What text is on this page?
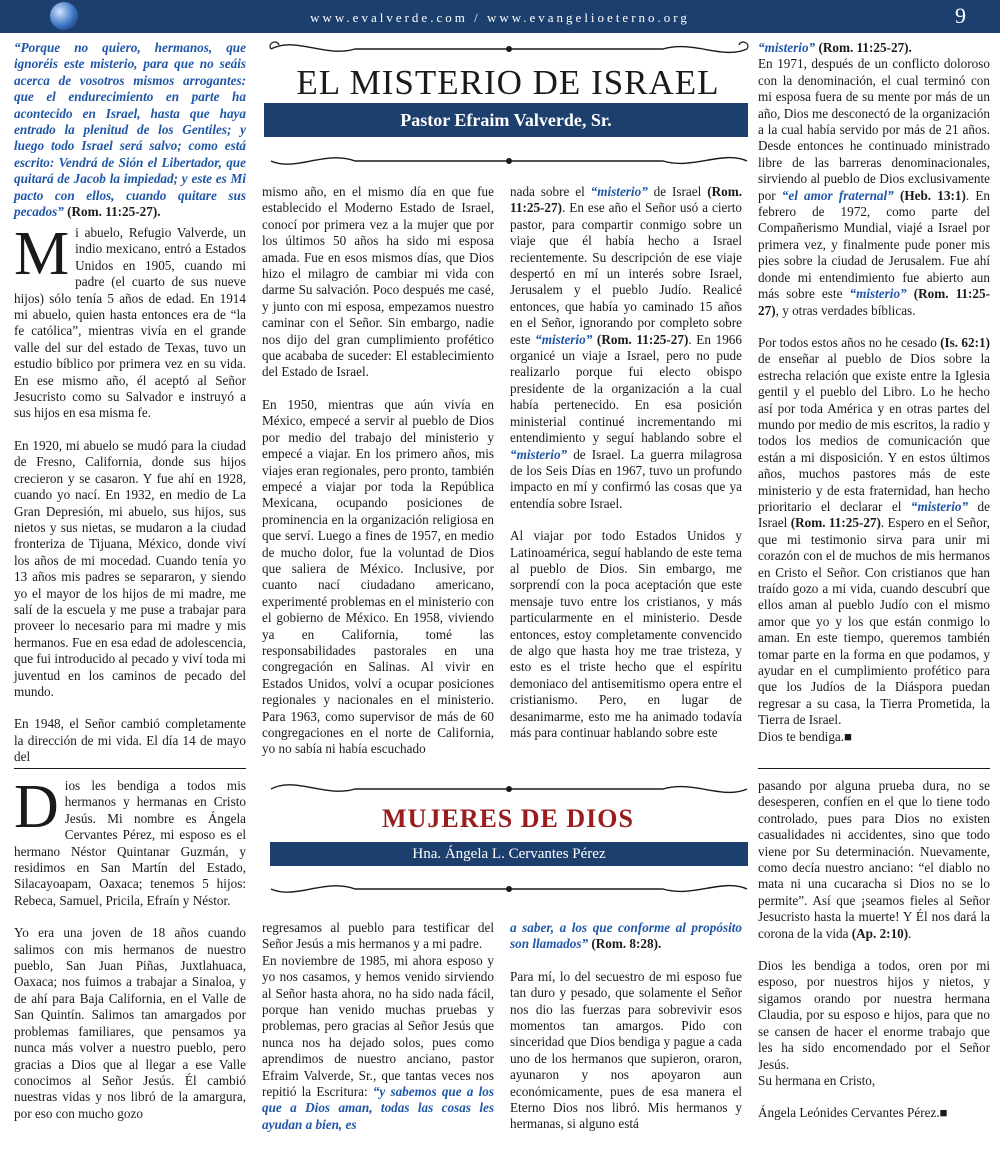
www.evalverde.com / www.evangelioeterno.org	9

“Porque no quiero, hermanos, que ignoréis este misterio, para que no seáis acerca de vosotros mismos arrogantes: que el endurecimiento en parte ha acontecido en Israel, hasta que haya entrado la plenitud de los Gentiles; y luego todo Israel será salvo; como está escrito: Vendrá de Sión el Libertador, que quitará de Jacob la impiedad; y este es Mi pacto con ellos, cuando quitare sus pecados” (Rom. 11:25-27).

EL MISTERIO DE ISRAEL
Pastor Efraim Valverde, Sr.

Mi abuelo, Refugio Valverde, un indio mexicano, entró a Estados Unidos en 1905, cuando mi padre (el cuarto de sus nueve hijos) sólo tenía 5 años de edad. En 1914 mi abuelo, quien hasta entonces era de “la fe católica”, mientras vivía en el grande valle del sur del estado de Texas, tuvo un estudio bíblico por primera vez en su vida. En ese mismo año, él aceptó al Señor Jesucristo como su Salvador e instruyó a sus hijos en esa misma fe.

En 1920, mi abuelo se mudó para la ciudad de Fresno, California, donde sus hijos crecieron y se casaron. Y fue ahí en 1928, cuando yo nací. En 1932, en medio de La Gran Depresión, mi abuelo, sus hijos, sus nietos y sus nietas, se mudaron a la ciudad fronteriza de Tijuana, México, donde viví los años de mi mocedad. Cuando tenía yo 13 años mis padres se separaron, y siendo yo el mayor de los hijos de mi madre, me salí de la escuela y me puse a trabajar para proveer lo necesario para mi madre y mis hermanos. Fue en esa edad de adolescencia, que fui introducido al pecado y viví toda mi juventud en los caminos de pecado del mundo.

En 1948, el Señor cambió completamente la dirección de mi vida. El día 14 de mayo del

mismo año, en el mismo día en que fue establecido el Moderno Estado de Israel, conocí por primera vez a la mujer que por los últimos 50 años ha sido mi esposa amada. Fue en esos mismos días, que Dios hizo el milagro de cambiar mi vida con darme Su salvación. Poco después me casé, y junto con mi esposa, empezamos nuestro caminar con el Señor. Sin embargo, nadie nos dijo del gran cumplimiento profético que acababa de suceder: El establecimiento del Estado de Israel.

En 1950, mientras que aún vivía en México, empecé a servir al pueblo de Dios por medio del trabajo del ministerio y empecé a viajar. En los primero años, mis viajes eran regionales, pero pronto, también empecé a viajar por toda la República Mexicana, ocupando posiciones de prominencia en la organización religiosa en que serví. Luego a fines de 1957, en medio de mucho dolor, fue la voluntad de Dios que saliera de México. Inclusive, por cuanto nací ciudadano americano, experimenté problemas en el ministerio con el gobierno de México. En 1958, viviendo ya en California, tomé las responsabilidades pastorales en una congregación en Salinas. Al vivir en Estados Unidos, volví a ocupar posiciones regionales y nacionales en el ministerio. Para 1963, como supervisor de más de 60 congregaciones en el norte de California, yo no sabía ni había escuchado

nada sobre el “misterio” de Israel (Rom. 11:25-27). En ese año el Señor usó a cierto pastor, para compartir conmigo sobre un viaje que él había hecho a Israel recientemente. Su descripción de ese viaje despertó en mí un interés sobre Israel, Jerusalem y el pueblo Judío. Realicé entonces, que había yo caminado 15 años en el Señor, ignorando por completo sobre este “misterio” (Rom. 11:25-27). En 1966 organicé un viaje a Israel, pero no pude realizarlo porque fui electo obispo presidente de la organización a la cual había pertenecido. En esa posición ministerial continué incrementando mi entendimiento y seguí hablando sobre el “misterio” de Israel. La guerra milagrosa de los Seis Días en 1967, tuvo un profundo impacto en mí y confirmó las cosas que ya entendía sobre Israel.

Al viajar por todo Estados Unidos y Latinoamérica, seguí hablando de este tema al pueblo de Dios. Sin embargo, me sorprendí con la poca aceptación que este mensaje tuvo entre los cristianos, y más particularmente en el ministerio. Desde entonces, estoy completamente convencido de algo que hasta hoy me trae tristeza, y esto es el triste hecho que el espíritu demoniaco del antisemitismo opera entre el cristianismo. Pero, en lugar de desanimarme, esto me ha animado todavía más para continuar hablando sobre este

“misterio” (Rom. 11:25-27).
En 1971, después de un conflicto doloroso con la denominación, el cual terminó con mi esposa fuera de su mente por más de un año, Dios me desconectó de la organización a la cual había servido por más de 21 años. Desde entonces he continuado ministrado libre de las barreras denominacionales, sirviendo al pueblo de Dios exclusivamente por “el amor fraternal” (Heb. 13:1). En febrero de 1972, como parte del Compañerismo Mundial, viajé a Israel por primera vez, y finalmente pude poner mis pies sobre la ciudad de Jerusalem. Fue ahí donde mi entendimiento fue abierto aun más sobre este “misterio” (Rom. 11:25-27), y otras verdades bíblicas.

Por todos estos años no he cesado (Is. 62:1) de enseñar al pueblo de Dios sobre la estrecha relación que existe entre la Iglesia gentil y el pueblo del Libro. Lo he hecho así por toda América y en otras partes del mundo por medio de mis escritos, la radio y todos los medios de comunicación que están a mi disposición. Y en estos últimos años, muchos pastores más de este ministerio y de esta fraternidad, han hecho prioritario el declarar el “misterio” de Israel (Rom. 11:25-27). Espero en el Señor, que mi testimonio sirva para unir mi corazón con el de muchos de mis hermanos en Cristo el Señor. Con cristianos que han traído gozo a mi vida, cuando descubrí que ellos aman al pueblo Judío con el mismo amor que yo y los que están conmigo lo aman. En este tiempo, queremos también tomar parte en la forma en que podamos, y ayudar en el cumplimiento profético para que los Judíos de la Diáspora puedan regresar a su casa, la Tierra Prometida, la Tierra de Israel.
Dios te bendiga.■

MUJERES DE DIOS
Hna. Ángela L. Cervantes Pérez

Dios les bendiga a todos mis hermanos y hermanas en Cristo Jesús. Mi nombre es Ángela Cervantes Pérez, mi esposo es el hermano Néstor Quintanar Guzmán, y residimos en San Martín del Estado, Silacayoapam, Oaxaca; tenemos 5 hijos: Rebeca, Samuel, Pricila, Efraín y Néstor.

Yo era una joven de 18 años cuando salimos con mis hermanos de nuestro pueblo, San Juan Piñas, Juxtlahuaca, Oaxaca; nos fuimos a trabajar a Sinaloa, y de ahí para Baja California, en el Valle de San Quintín. Salimos tan amargados por problemas familiares, que pensamos ya nunca más volver a nuestro pueblo, pero gracias a Dios que al llegar a ese Valle conocimos al Señor Jesús. Él cambió nuestras vidas y nos libró de la amargura, por eso con mucho gozo

regresamos al pueblo para testificar del Señor Jesús a mis hermanos y a mi padre.

En noviembre de 1985, mi ahora esposo y yo nos casamos, y hemos venido sirviendo al Señor hasta ahora, no ha sido nada fácil, porque han venido muchas pruebas y problemas, pero gracias al Señor Jesús que nunca nos ha dejado solos, pues como aprendimos de nuestro anciano, pastor Efraim Valverde, Sr., que tantas veces nos repitió la Escritura: “y sabemos que a los que a Dios aman, todas las cosas les ayudan a bien, es

a saber, a los que conforme al propósito son llamados” (Rom. 8:28).

Para mí, lo del secuestro de mi esposo fue tan duro y pesado, que solamente el Señor nos dio las fuerzas para sobrevivir esos momentos tan amargos. Pido con sinceridad que Dios bendiga y pague a cada uno de los hermanos que supieron, oraron, ayunaron y nos apoyaron aun económicamente, pues de esa manera el Eterno Dios nos libró. Mis hermanos y hermanas, si alguno está

pasando por alguna prueba dura, no se desesperen, confíen en el que lo tiene todo controlado, pues para Dios no existen casualidades ni accidentes, sino que todo viene por Su determinación. Nuevamente, como decía nuestro anciano: “el diablo no mata ni una cucaracha si Dios no se lo permite”. Así que ¡seamos fieles al Señor Jesucristo hasta la muerte! Y Él nos dará la corona de la vida (Ap. 2:10).

Dios les bendiga a todos, oren por mi esposo, por nuestros hijos y nietos, y sigamos orando por nuestra hermana Claudia, por su esposo e hijos, para que no se cansen de hacer el enorme trabajo que les ha sido encomendado por el Señor Jesús.

Su hermana en Cristo,

Ángela Leónides Cervantes Pérez.■
